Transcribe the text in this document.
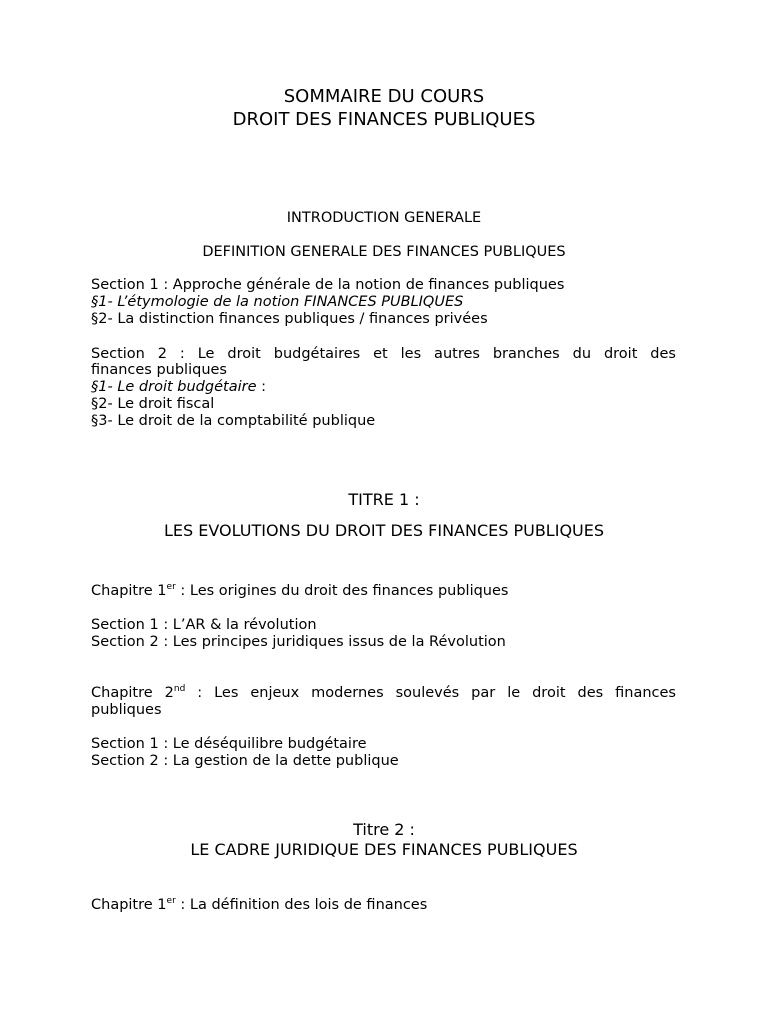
SOMMAIRE DU COURS
DROIT DES FINANCES PUBLIQUES
INTRODUCTION GENERALE
DEFINITION GENERALE DES FINANCES PUBLIQUES
Section 1 : Approche générale de la notion de finances publiques
§1- L’étymologie de la notion FINANCES PUBLIQUES
§2- La distinction finances publiques / finances privées
Section 2 : Le droit budgétaires et les autres branches du droit des
finances publiques
§1- Le droit budgétaire :
§2- Le droit fiscal
§3- Le droit de la comptabilité publique
TITRE 1 :
LES EVOLUTIONS DU DROIT DES FINANCES PUBLIQUES
Chapitre 1er : Les origines du droit des finances publiques
Section 1 : L’AR & la révolution
Section 2 : Les principes juridiques issus de la Révolution
Chapitre 2nd : Les enjeux modernes soulevés par le droit des finances
publiques
Section 1 : Le déséquilibre budgétaire
Section 2 : La gestion de la dette publique
Titre 2 :
LE CADRE JURIDIQUE DES FINANCES PUBLIQUES
Chapitre 1er : La définition des lois de finances
